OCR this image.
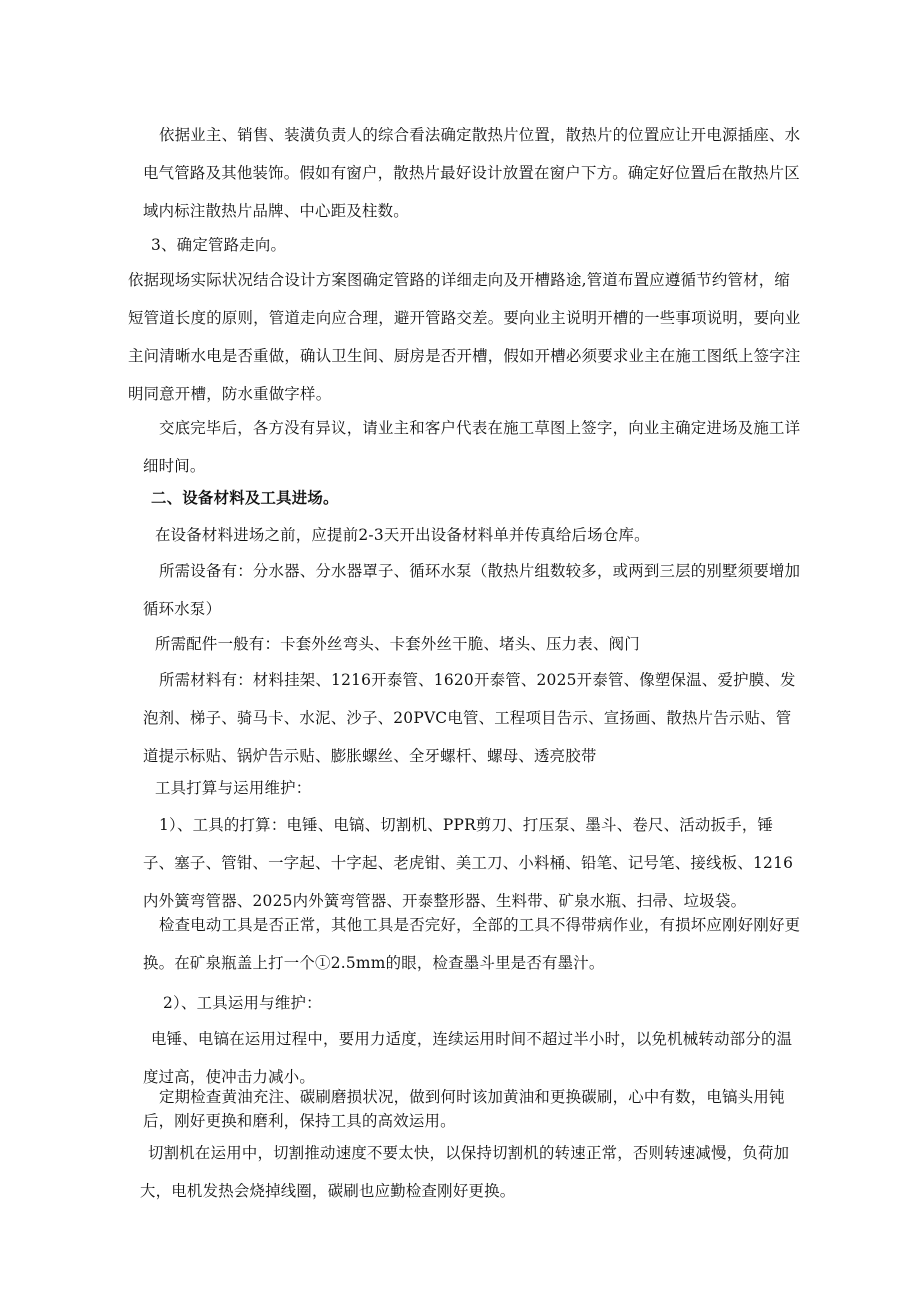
依据业主、销售、装潢负责人的综合看法确定散热片位置，散热片的位置应让开电源插座、水电气管路及其他装饰。假如有窗户，散热片最好设计放置在窗户下方。确定好位置后在散热片区域内标注散热片品牌、中心距及柱数。

3、确定管路走向。

依据现场实际状况结合设计方案图确定管路的详细走向及开槽路途,管道布置应遵循节约管材，缩短管道长度的原则，管道走向应合理，避开管路交差。要向业主说明开槽的一些事项说明，要向业主问清晰水电是否重做，确认卫生间、厨房是否开槽，假如开槽必须要求业主在施工图纸上签字注明同意开槽，防水重做字样。

交底完毕后，各方没有异议，请业主和客户代表在施工草图上签字，向业主确定进场及施工详细时间。

二、设备材料及工具进场。

在设备材料进场之前，应提前2-3天开出设备材料单并传真给后场仓库。

所需设备有：分水器、分水器罩子、循环水泵（散热片组数较多，或两到三层的别墅须要增加循环水泵）

所需配件一般有：卡套外丝弯头、卡套外丝干脆、堵头、压力表、阀门

所需材料有：材料挂架、1216开泰管、1620开泰管、2025开泰管、像塑保温、爱护膜、发泡剂、梯子、骑马卡、水泥、沙子、20PVC电管、工程项目告示、宣扬画、散热片告示贴、管道提示标贴、锅炉告示贴、膨胀螺丝、全牙螺杆、螺母、透亮胶带

工具打算与运用维护：

1）、工具的打算：电锤、电镐、切割机、PPR剪刀、打压泵、墨斗、卷尺、活动扳手，锤子、塞子、管钳、一字起、十字起、老虎钳、美工刀、小料桶、铅笔、记号笔、接线板、1216内外簧弯管器、2025内外簧弯管器、开泰整形器、生料带、矿泉水瓶、扫帚、垃圾袋。

检查电动工具是否正常，其他工具是否完好，全部的工具不得带病作业，有损坏应刚好刚好更换。在矿泉瓶盖上打一个①2.5mm的眼，检查墨斗里是否有墨汁。

2）、工具运用与维护：

电锤、电镐在运用过程中，要用力适度，连续运用时间不超过半小时，以免机械转动部分的温度过高，使冲击力减小。

定期检查黄油充注、碳刷磨损状况，做到何时该加黄油和更换碳刷，心中有数，电镐头用钝后，刚好更换和磨利，保持工具的高效运用。

切割机在运用中，切割推动速度不要太快，以保持切割机的转速正常，否则转速减慢，负荷加大，电机发热会烧掉线圈，碳刷也应勤检查刚好更换。
